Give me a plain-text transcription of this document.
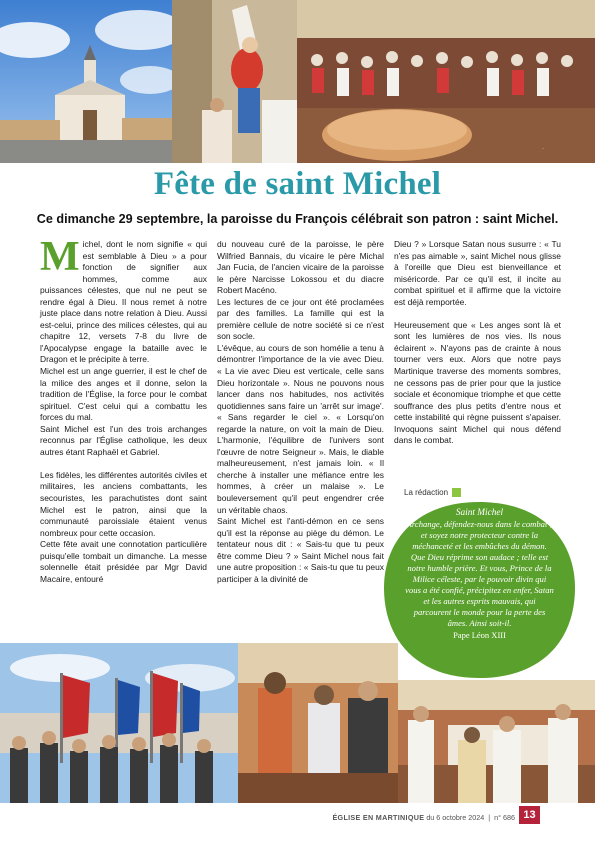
·
Fête de saint Michel
Ce dimanche 29 septembre, la paroisse du François célébrait son patron : saint Michel.

Michel, dont le nom signifie « qui est semblable à Dieu » a pour fonction de signifier aux hommes, comme aux puissances célestes, que nul ne peut se rendre égal à Dieu. Il nous remet à notre juste place dans notre relation à Dieu. Aussi est-celui, prince des milices célestes, qui au chapitre 12, versets 7-8 du livre de l'Apocalypse engage la bataille avec le Dragon et le précipite à terre.

Michel est un ange guerrier, il est le chef de la milice des anges et il donne, selon la tradition de l'Église, la force pour le combat spirituel. C'est celui qui a combattu les forces du mal.

Saint Michel est l'un des trois archanges reconnus par l'Église catholique, les deux autres étant Raphaël et Gabriel.

Les fidèles, les différentes autorités civiles et militaires, les anciens combattants, les secouristes, les parachutistes dont saint Michel est le patron, ainsi que la communauté paroissiale étaient venus nombreux pour cette occasion.

Cette fête avait une connotation particulière puisqu'elle tombait un dimanche. La messe solennelle était présidée par Mgr David Macaire, entouré

du nouveau curé de la paroisse, le père Wilfried Bannais, du vicaire le père Michal Jan Fucia, de l'ancien vicaire de la paroisse le père Narcisse Lokossou et du diacre Robert Macéno.

Les lectures de ce jour ont été proclamées par des familles. La famille qui est la première cellule de notre société si ce n'est son socle.

L'évêque, au cours de son homélie a tenu à démontrer l'importance de la vie avec Dieu. « La vie avec Dieu est verticale, celle sans Dieu horizontale ». Nous ne pouvons nous lancer dans nos habitudes, nos activités quotidiennes sans faire un 'arrêt sur image'. « Sans regarder le ciel ». « Lorsqu'on regarde la nature, on voit la main de Dieu. L'harmonie, l'équilibre de l'univers sont l'œuvre de notre Seigneur ». Mais, le diable malheureusement, n'est jamais loin. « Il cherche à installer une méfiance entre les hommes, à créer un malaise ». Le bouleversement qu'il peut engendrer crée un véritable chaos.

Saint Michel est l'anti-démon en ce sens qu'il est la réponse au piège du démon. Le tentateur nous dit : « Sais-tu que tu peux être comme Dieu ? » Saint Michel nous fait une autre proposition : « Sais-tu que tu peux participer à la divinité de

Dieu ? » Lorsque Satan nous susurre : « Tu n'es pas aimable », saint Michel nous glisse à l'oreille que Dieu est bienveillance et miséricorde. Par ce qu'il est, il incite au combat spirituel et il affirme que la victoire est déjà remportée.

Heureusement que « Les anges sont là et sont les lumières de nos vies. Ils nous éclairent ». N'ayons pas de crainte à nous tourner vers eux. Alors que notre pays Martinique traverse des moments sombres, ne cessons pas de prier pour que la justice sociale et économique triomphe et que cette souffrance des plus petits d'entre nous et cette instabilité qui règne puissent s'apaiser. Invoquons saint Michel qui nous défend dans le combat.

La rédaction
Saint Michel
Archange, défendez-nous dans le combat ; et soyez notre protecteur contre la méchanceté et les embûches du démon. Que Dieu réprime son audace ; telle est notre humble prière. Et vous, Prince de la Milice céleste, par le pouvoir divin qui vous a été confié, précipitez en enfer, Satan et les autres esprits mauvais, qui parcourent le monde pour la perte des âmes. Ainsi soit-il.
Pape Léon XIII
ÉGLISE EN MARTINIQUE du 6 octobre 2024  |  n° 686 13
